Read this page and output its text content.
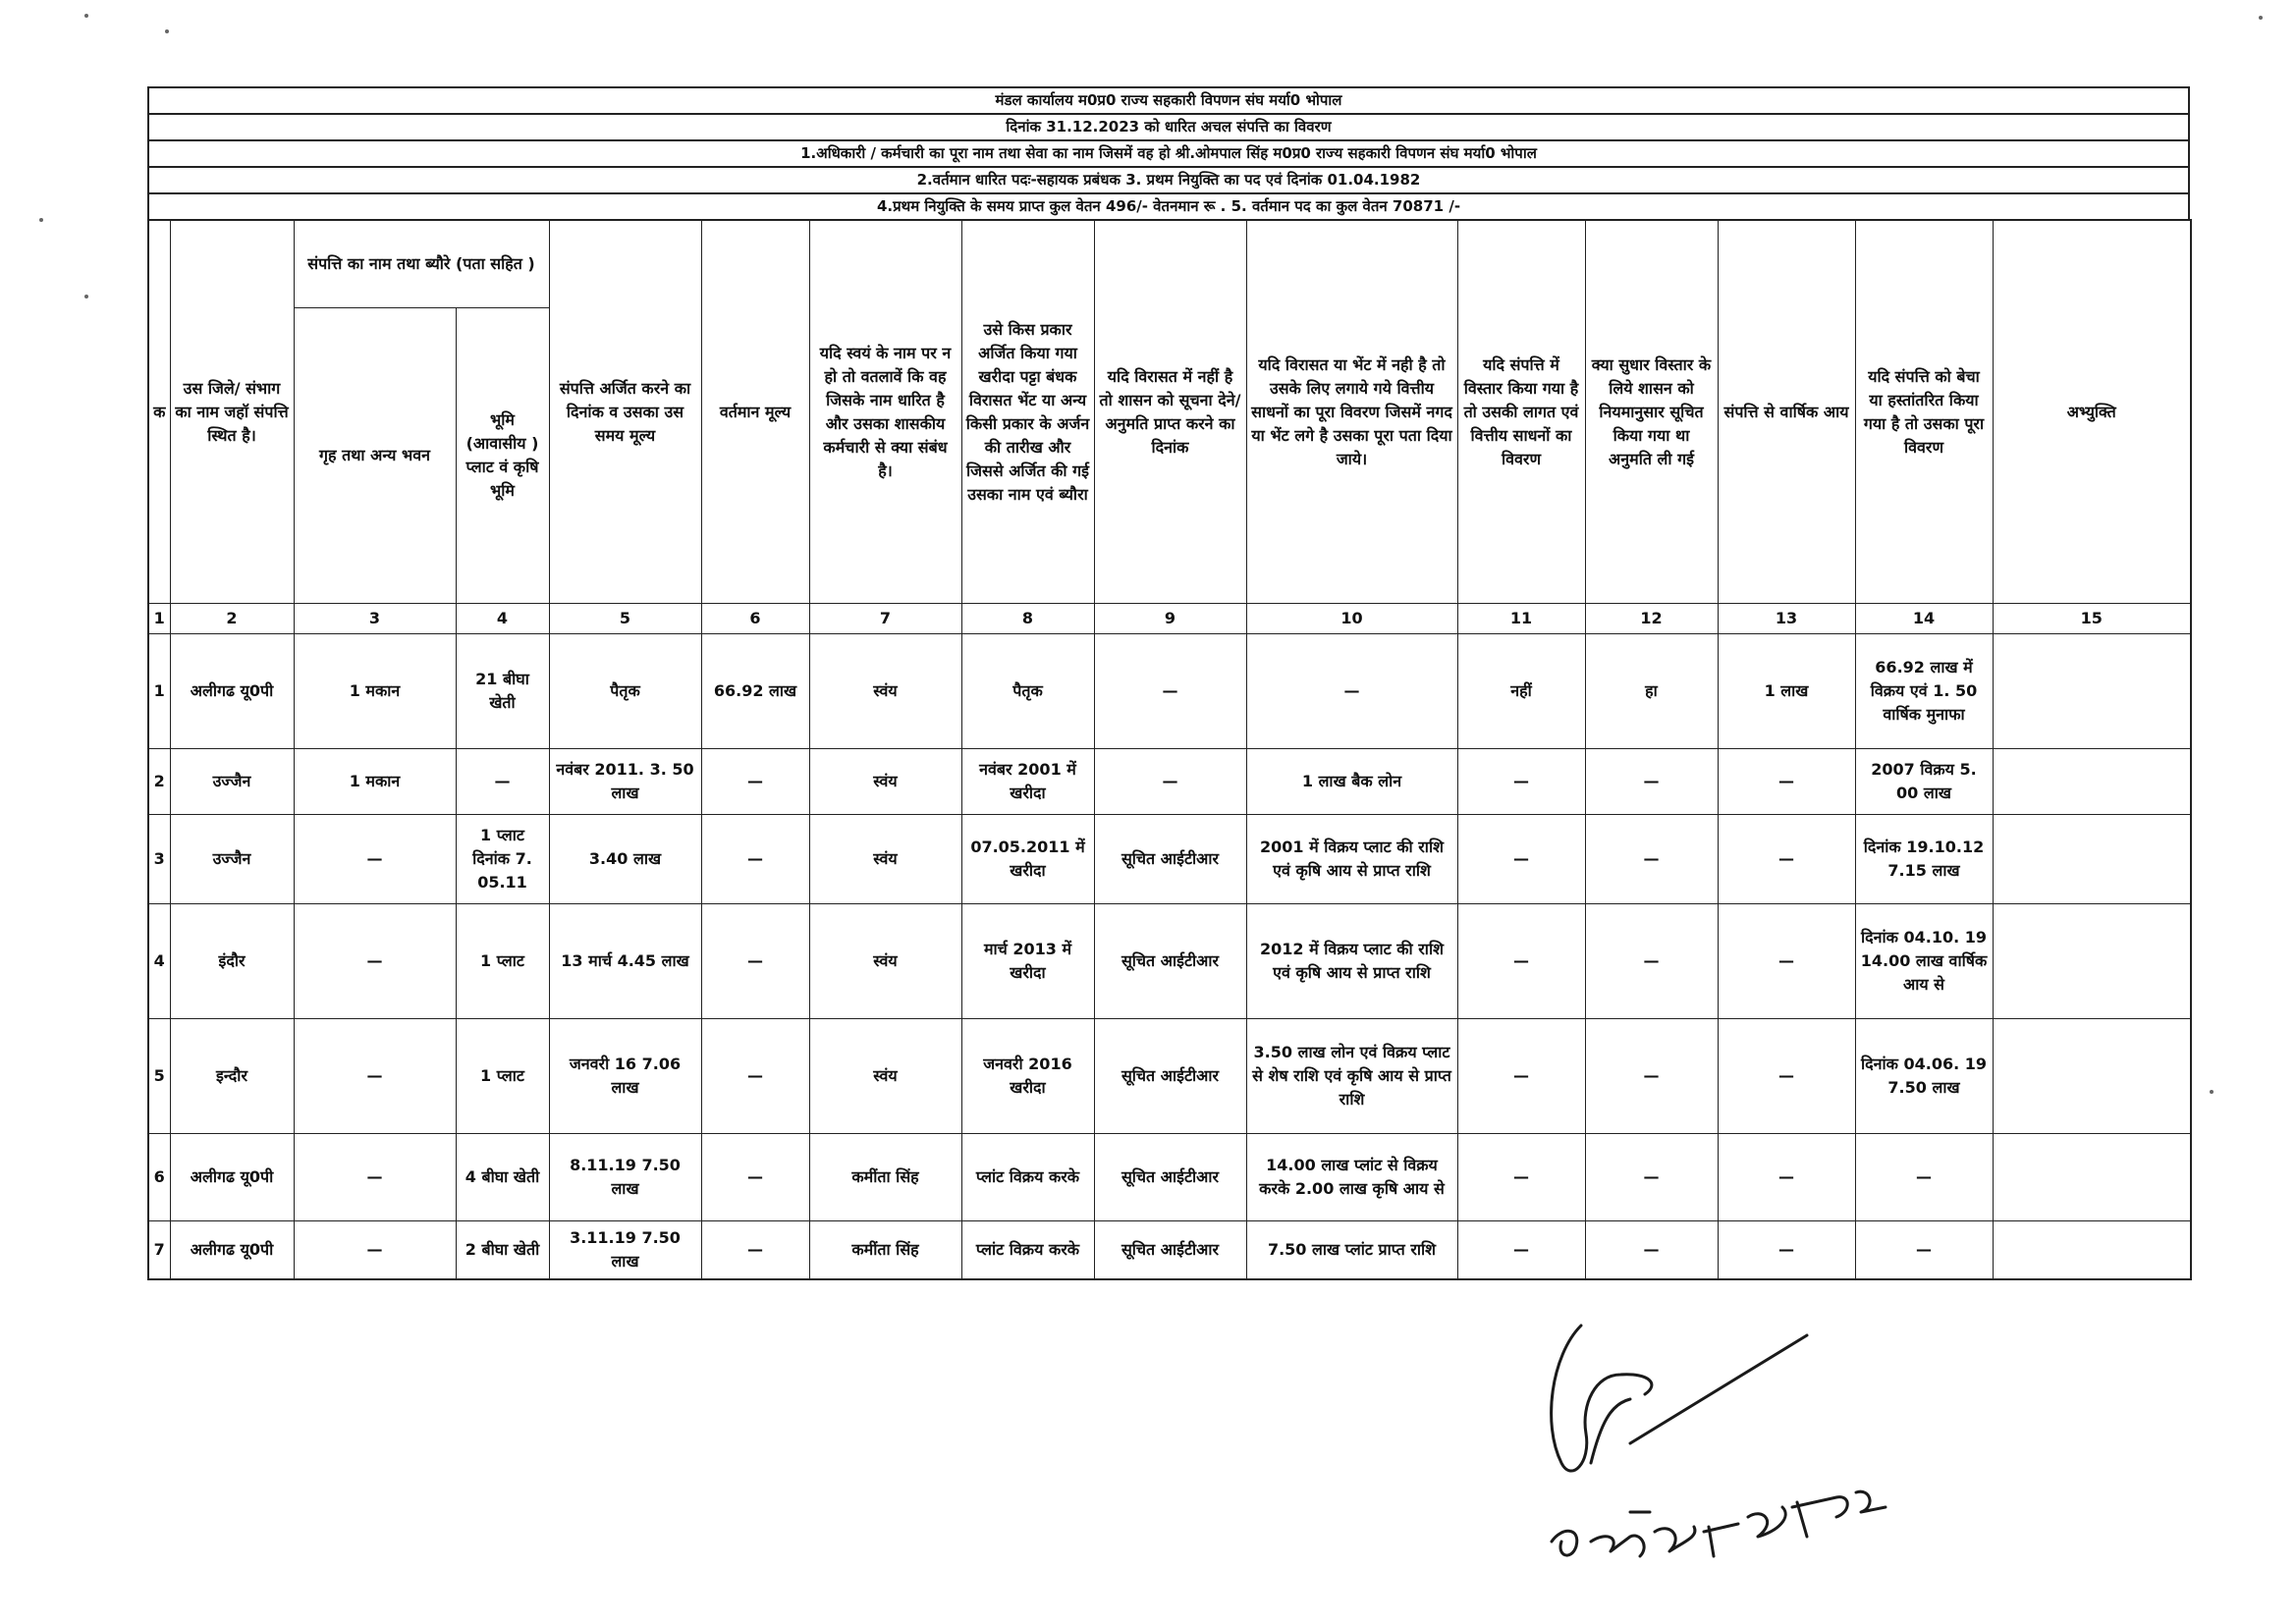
मंडल कार्यालय म0प्र0 राज्य सहकारी विपणन संघ मर्या0 भोपाल
दिनांक 31.12.2023 को धारित अचल संपत्ति का विवरण
1.अधिकारी / कर्मचारी का पूरा नाम तथा सेवा का नाम जिसमें वह हो श्री.ओमपाल सिंह म0प्र0 राज्य सहकारी विपणन संघ मर्या0 भोपाल
2.वर्तमान धारित पदः-सहायक प्रबंधक 3. प्रथम नियुक्ति का पद एवं दिनांक 01.04.1982
4.प्रथम नियुक्ति के समय प्राप्त कुल वेतन 496/- वेतनमान रू . 5. वर्तमान पद का कुल वेतन 70871 /-
क	उस जिले/ संभाग का नाम जहॉ संपत्ति स्थित है।	संपत्ति का नाम तथा ब्यौरे (पता सहित )		संपत्ति अर्जित करने का दिनांक व उसका उस समय मूल्य	वर्तमान मूल्य	यदि स्वयं के नाम पर न हो तो वतलावें कि वह जिसके नाम धारित है और उसका शासकीय कर्मचारी से क्या संबंध है।	उसे किस प्रकार अर्जित किया गया खरीदा पट्टा बंधक विरासत भेंट या अन्य किसी प्रकार के अर्जन की तारीख और जिससे अर्जित की गई उसका नाम एवं ब्यौरा	यदि विरासत में नहीं है तो शासन को सूचना देने/ अनुमति प्राप्त करने का दिनांक	यदि विरासत या भेंट में नही है तो उसके लिए लगाये गये वित्तीय साधनों का पूरा विवरण जिसमें नगद या भेंट लगे है उसका पूरा पता दिया जाये।	यदि संपत्ति में विस्तार किया गया है तो उसकी लागत एवं वित्तीय साधनों का विवरण	क्या सुधार विस्तार के लिये शासन को नियमानुसार सूचित किया गया था अनुमति ली गई	संपत्ति से वार्षिक आय	यदि संपत्ति को बेचा या हस्तांतरित किया गया है तो उसका पूरा विवरण	अभ्युक्ति
		गृह तथा अन्य भवन	भूमि (आवासीय ) प्लाट वं कृषि भूमि											
1	2	3	4	5	6	7	8	9	10	11	12	13	14	15
1	अलीगढ यू0पी	1 मकान	21 बीघा खेती	पैतृक	66.92 लाख	स्वंय	पैतृक	—	—	नहीं	हा	1 लाख	66.92 लाख में विक्रय एवं 1. 50 वार्षिक मुनाफा	
2	उज्जैन	1 मकान	—	नवंबर 2011. 3. 50 लाख	—	स्वंय	नवंबर 2001 में खरीदा	—	1 लाख बैक लोन	—	—	—	2007 विक्रय 5. 00 लाख	
3	उज्जैन	—	1 प्लाट दिनांक 7. 05.11	3.40 लाख	—	स्वंय	07.05.2011 में खरीदा	सूचित आईटीआर	2001 में विक्रय प्लाट की राशि एवं कृषि आय से प्राप्त राशि	—	—	—	दिनांक 19.10.12 7.15 लाख	
4	इंदौर	—	1 प्लाट	13 मार्च 4.45 लाख	—	स्वंय	मार्च 2013 में खरीदा	सूचित आईटीआर	2012 में विक्रय प्लाट की राशि एवं कृषि आय से प्राप्त राशि	—	—	—	दिनांक 04.10. 19 14.00 लाख वार्षिक आय से	
5	इन्दौर	—	1 प्लाट	जनवरी 16 7.06 लाख	—	स्वंय	जनवरी 2016 खरीदा	सूचित आईटीआर	3.50 लाख लोन एवं विक्रय प्लाट से शेष राशि एवं कृषि आय से प्राप्त राशि	—	—	—	दिनांक 04.06. 19 7.50 लाख	
6	अलीगढ यू0पी	—	4 बीघा खेती	8.11.19 7.50 लाख	—	कमींता सिंह	प्लांट विक्रय करके	सूचित आईटीआर	14.00 लाख प्लांट से विक्रय करके 2.00 लाख कृषि आय से	—	—	—	—	
7	अलीगढ यू0पी	—	2 बीघा खेती	3.11.19 7.50 लाख	—	कमींता सिंह	प्लांट विक्रय करके	सूचित आईटीआर	7.50 लाख प्लांट प्राप्त राशि	—	—	—	—	
